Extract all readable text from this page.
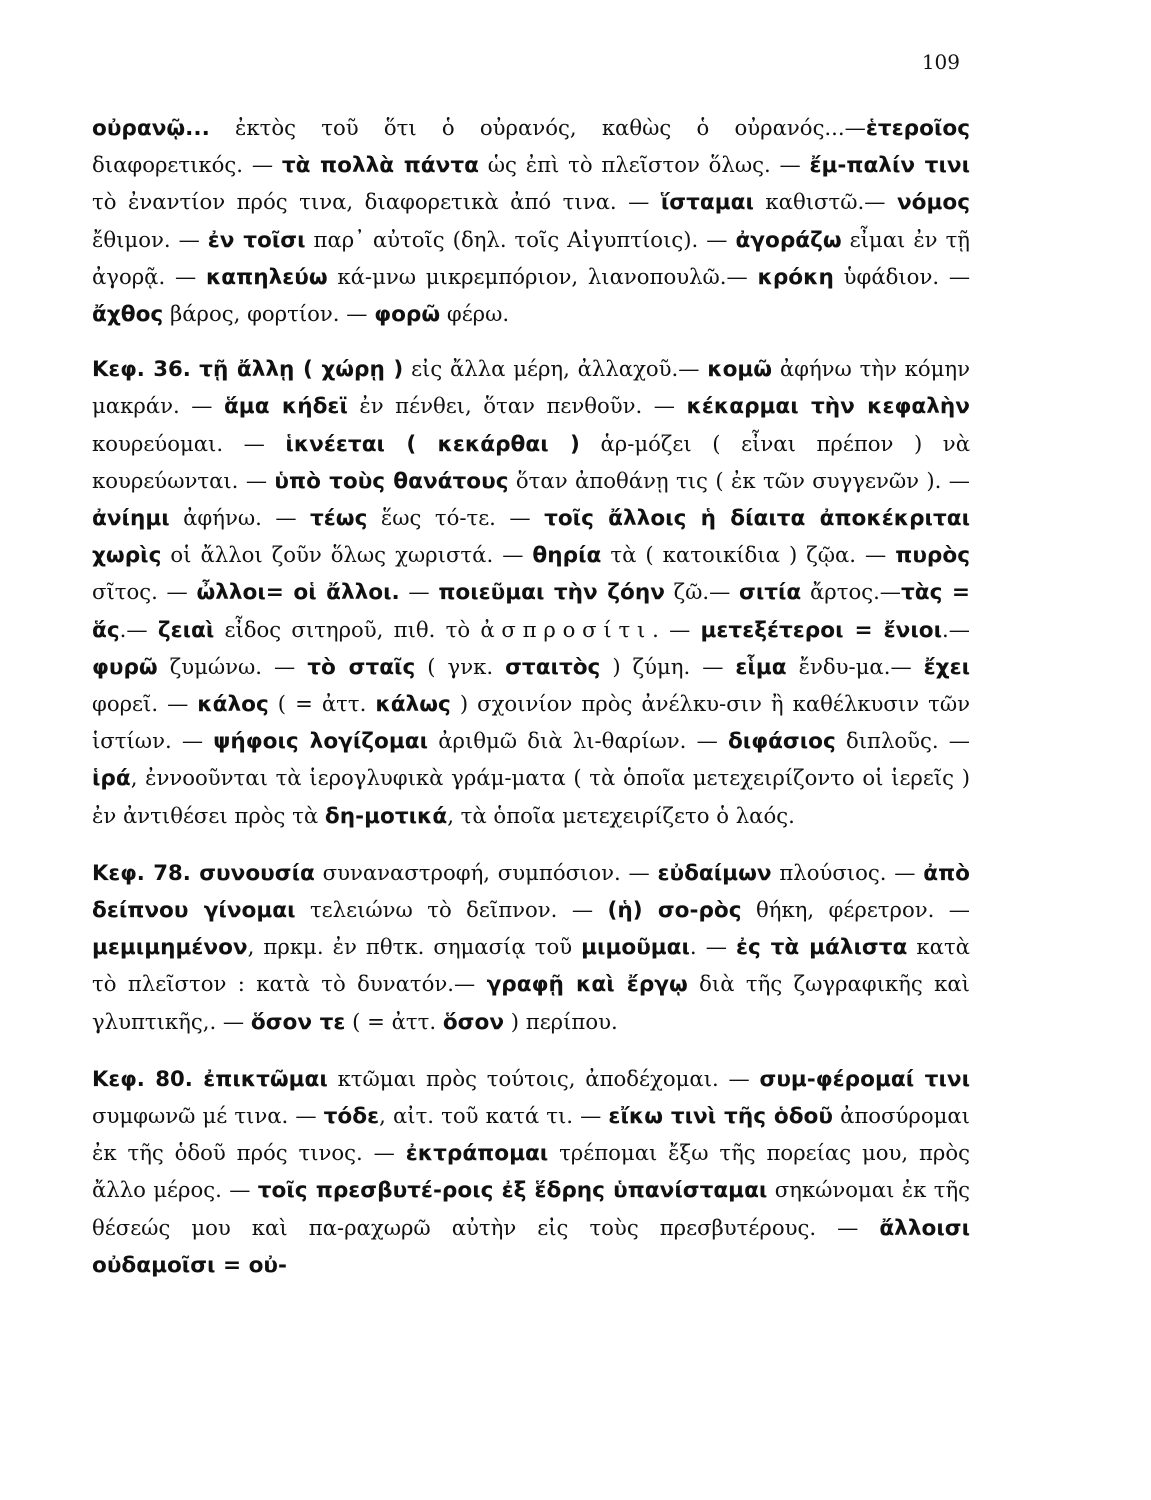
109

οὐρανῷ... ἐκτὸς τοῦ ὅτι ὁ οὐρανός, καθὼς ὁ οὐρανός...—ἑτεροῖος διαφορετικός. — τὰ πολλὰ πάντα ὡς ἐπὶ τὸ πλεῖστον ὅλως. — ἔμ-παλίν τινι τὸ ἐναντίον πρός τινα, διαφορετικὰ ἀπό τινα. — ἵσταμαι καθιστῶ.— νόμος ἔθιμον. — ἐν τοῖσι παρ᾽ αὐτοῖς (δηλ. τοῖς Αἰγυπτίοις). — ἀγοράζω εἶμαι ἐν τῇ ἀγορᾷ. — καπηλεύω κά-μνω μικρεμπόριον, λιανοπουλῶ.— κρόκη ὑφάδιον. — ἄχθος βάρος, φορτίον. — φορῶ φέρω.

Κεφ. 36. τῇ ἄλλῃ ( χώρῃ ) εἰς ἄλλα μέρη, ἀλλαχοῦ.— κομῶ ἀφήνω τὴν κόμην μακράν. — ἅμα κήδεϊ ἐν πένθει, ὅταν πενθοῦν. — κέκαρμαι τὴν κεφαλὴν κουρεύομαι. — ἱκνέεται ( κεκάρθαι ) ἁρ-μόζει ( εἶναι πρέπον ) νὰ κουρεύωνται. — ὑπὸ τοὺς θανάτους ὅταν ἀποθάνῃ τις ( ἐκ τῶν συγγενῶν ). — ἀνίημι ἀφήνω. — τέως ἕως τό-τε. — τοῖς ἄλλοις ἡ δίαιτα ἀποκέκριται χωρὶς οἱ ἄλλοι ζοῦν ὅλως χωριστά. — θηρία τὰ ( κατοικίδια ) ζῷα. — πυρὸς σῖτος. — ὦλλοι= οἱ ἄλλοι. — ποιεῦμαι τὴν ζόην ζῶ.— σιτία ἄρτος.—τὰς = ἅς.— ζειαὶ εἶδος σιτηροῦ, πιθ. τὸ ἀσπροσίτι. — μετεξέτεροι = ἔνιοι.— φυρῶ ζυμώνω. — τὸ σταῖς ( γνκ. σταιτὸς ) ζύμη. — εἷμα ἔνδυ-μα.— ἔχει φορεῖ. — κάλος ( = ἀττ. κάλως ) σχοινίον πρὸς ἀνέλκυ-σιν ἢ καθέλκυσιν τῶν ἱστίων. — ψήφοις λογίζομαι ἀριθμῶ διὰ λι-θαρίων. — διφάσιος διπλοῦς. — ἱρά, ἐννοοῦνται τὰ ἱερογλυφικὰ γράμ-ματα ( τὰ ὁποῖα μετεχειρίζοντο οἱ ἱερεῖς ) ἐν ἀντιθέσει πρὸς τὰ δη-μοτικά, τὰ ὁποῖα μετεχειρίζετο ὁ λαός.

Κεφ. 78. συνουσία συναναστροφή, συμπόσιον. — εὐδαίμων πλούσιος. — ἀπὸ δείπνου γίνομαι τελειώνω τὸ δεῖπνον. — (ἡ) σο-ρὸς θήκη, φέρετρον. — μεμιμημένον, πρκμ. ἐν πθτκ. σημασίᾳ τοῦ μιμοῦμαι. — ἐς τὰ μάλιστα κατὰ τὸ πλεῖστον : κατὰ τὸ δυνατόν.— γραφῇ καὶ ἔργῳ διὰ τῆς ζωγραφικῆς καὶ γλυπτικῆς,. — ὅσον τε ( = ἀττ. ὅσον ) περίπου.

Κεφ. 80. ἐπικτῶμαι κτῶμαι πρὸς τούτοις, ἀποδέχομαι. — συμ-φέρομαί τινι συμφωνῶ μέ τινα. — τόδε, αἰτ. τοῦ κατά τι. — εἴκω τινὶ τῆς ὁδοῦ ἀποσύρομαι ἐκ τῆς ὁδοῦ πρός τινος. — ἐκτράπομαι τρέπομαι ἔξω τῆς πορείας μου, πρὸς ἄλλο μέρος. — τοῖς πρεσβυτέ-ροις ἐξ ἕδρης ὑπανίσταμαι σηκώνομαι ἐκ τῆς θέσεώς μου καὶ πα-ραχωρῶ αὐτὴν εἰς τοὺς πρεσβυτέρους. — ἄλλοισι οὐδαμοῖσι = οὐ-
